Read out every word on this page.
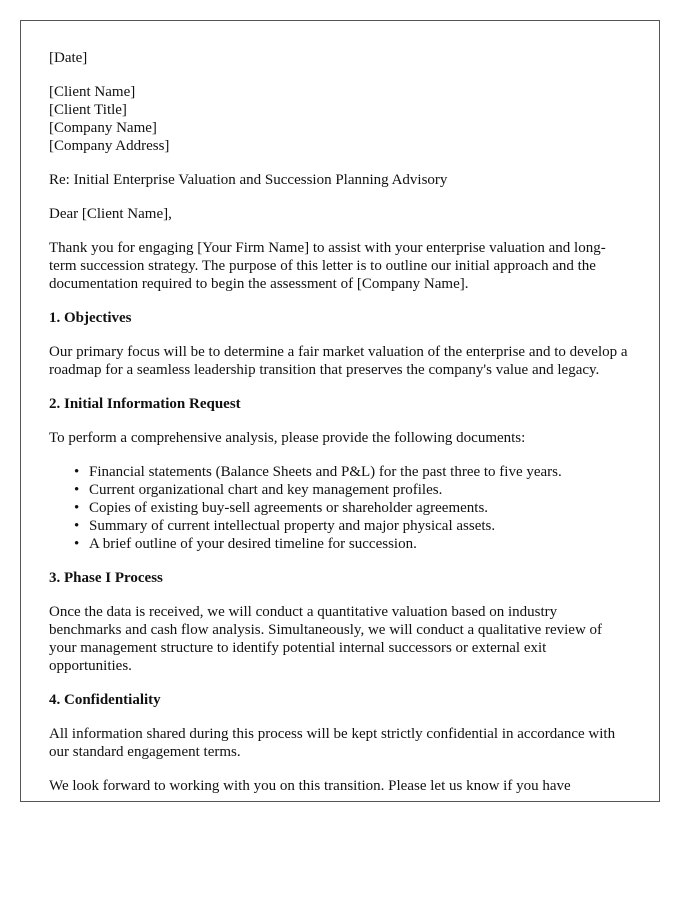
[Date]

[Client Name]
[Client Title]
[Company Name]
[Company Address]

Re: Initial Enterprise Valuation and Succession Planning Advisory

Dear [Client Name],

Thank you for engaging [Your Firm Name] to assist with your enterprise valuation and long-term succession strategy. The purpose of this letter is to outline our initial approach and the documentation required to begin the assessment of [Company Name].

1. Objectives

Our primary focus will be to determine a fair market valuation of the enterprise and to develop a roadmap for a seamless leadership transition that preserves the company's value and legacy.

2. Initial Information Request

To perform a comprehensive analysis, please provide the following documents:

• Financial statements (Balance Sheets and P&L) for the past three to five years.
• Current organizational chart and key management profiles.
• Copies of existing buy-sell agreements or shareholder agreements.
• Summary of current intellectual property and major physical assets.
• A brief outline of your desired timeline for succession.
3. Phase I Process

Once the data is received, we will conduct a quantitative valuation based on industry benchmarks and cash flow analysis. Simultaneously, we will conduct a qualitative review of your management structure to identify potential internal successors or external exit opportunities.

4. Confidentiality

All information shared during this process will be kept strictly confidential in accordance with our standard engagement terms.

We look forward to working with you on this transition. Please let us know if you have
